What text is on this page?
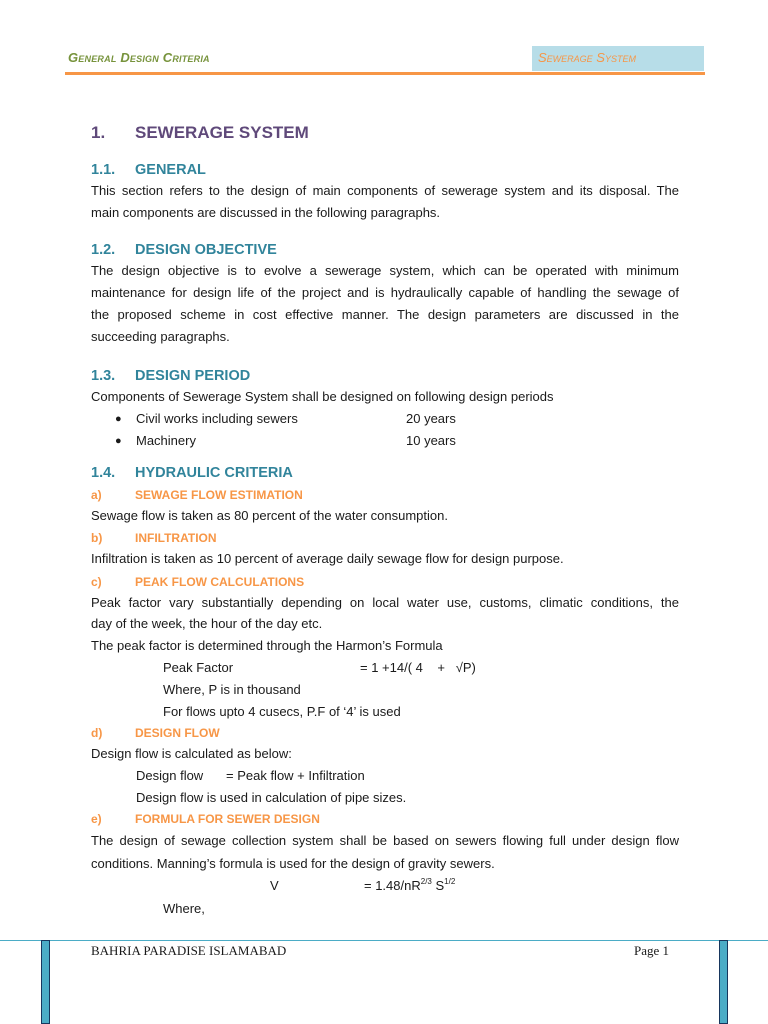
General Design Criteria	Sewerage System
1. SEWERAGE SYSTEM
1.1. GENERAL
This section refers to the design of main components of sewerage system and its disposal. The
main components are discussed in the following paragraphs.
1.2. DESIGN OBJECTIVE
The design objective is to evolve a sewerage system, which can be operated with minimum
maintenance for design life of the project and is hydraulically capable of handling the sewage of
the proposed scheme in cost effective manner. The design parameters are discussed in the
succeeding paragraphs.
1.3. DESIGN PERIOD
Components of Sewerage System shall be designed on following design periods
● Civil works including sewers	20 years
● Machinery	10 years
1.4. HYDRAULIC CRITERIA
a)	SEWAGE FLOW ESTIMATION
Sewage flow is taken as 80 percent of the water consumption.
b)	INFILTRATION
Infiltration is taken as 10 percent of average daily sewage flow for design purpose.
c)	PEAK FLOW CALCULATIONS
Peak factor vary substantially depending on local water use, customs, climatic conditions, the
day of the week, the hour of the day etc.
The peak factor is determined through the Harmon’s Formula
Peak Factor	= 1 +14/( 4    +   √P)
Where, P is in thousand
For flows upto 4 cusecs, P.F of ‘4’ is used
d)	DESIGN FLOW
Design flow is calculated as below:
Design flow = Peak flow + Infiltration
Design flow is used in calculation of pipe sizes.
e)	FORMULA FOR SEWER DESIGN
The design of sewage collection system shall be based on sewers flowing full under design flow
conditions. Manning’s formula is used for the design of gravity sewers.
V	= $1.48/nR^{2/3}$ $S^{1/2}$
Where,
BAHRIA PARADISE ISLAMABAD	Page 1
